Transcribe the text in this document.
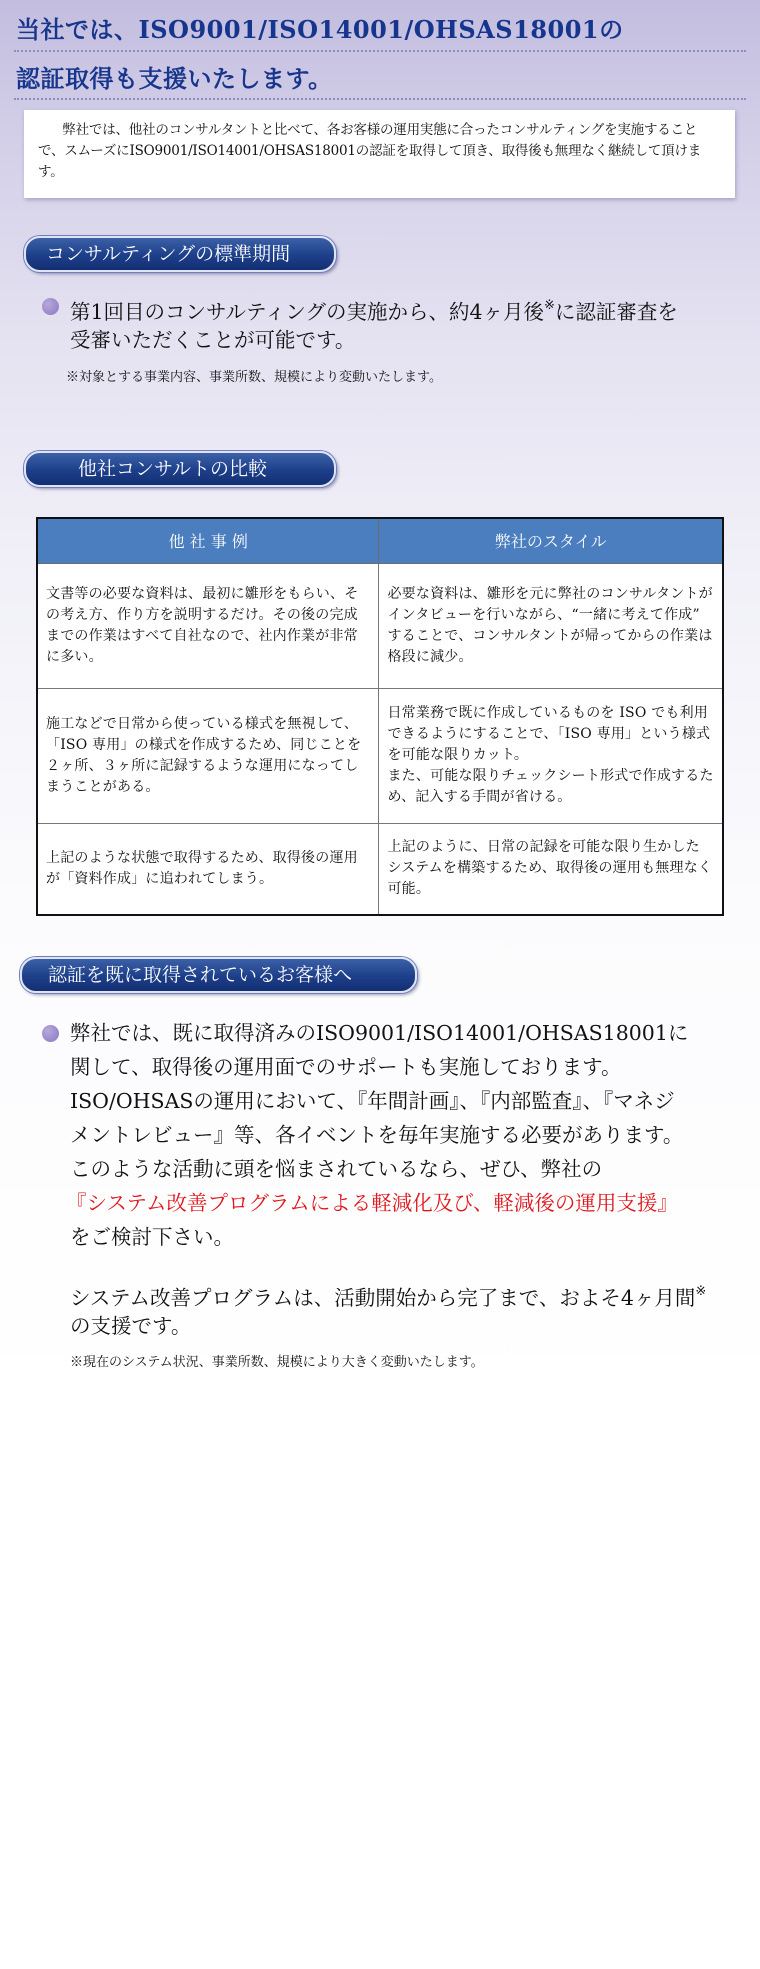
当社では、ISO9001/ISO14001/OHSAS18001の
認証取得も支援いたします。
弊社では、他社のコンサルタントと比べて、各お客様の運用実態に合ったコンサルティングを実施することで、スムーズにISO9001/ISO14001/OHSAS18001の認証を取得して頂き、取得後も無理なく継続して頂けます。
コンサルティングの標準期間
第1回目のコンサルティングの実施から、約4ヶ月後※に認証審査を
受審いただくことが可能です。
※対象とする事業内容、事業所数、規模により変動いたします。
他社コンサルトの比較
他 社 事 例	弊社のスタイル
文書等の必要な資料は、最初に雛形をもらい、その考え方、作り方を説明するだけ。その後の完成までの作業はすべて自社なので、社内作業が非常に多い。	必要な資料は、雛形を元に弊社のコンサルタントがインタビューを行いながら、“一緒に考えて作成” することで、コンサルタントが帰ってからの作業は格段に減少。
施工などで日常から使っている様式を無視して、「ISO 専用」の様式を作成するため、同じことを２ヶ所、３ヶ所に記録するような運用になってしまうことがある。	日常業務で既に作成しているものを ISO でも利用できるようにすることで、「ISO 専用」という様式を可能な限りカット。
また、可能な限りチェックシート形式で作成するため、記入する手間が省ける。
上記のような状態で取得するため、取得後の運用が「資料作成」に追われてしまう。	上記のように、日常の記録を可能な限り生かしたシステムを構築するため、取得後の運用も無理なく可能。
認証を既に取得されているお客様へ
弊社では、既に取得済みのISO9001/ISO14001/OHSAS18001に
関して、取得後の運用面でのサポートも実施しております。
ISO/OHSASの運用において、『年間計画』、『内部監査』、『マネジ
メントレビュー』等、各イベントを毎年実施する必要があります。
このような活動に頭を悩まされているなら、ぜひ、弊社の
『システム改善プログラムによる軽減化及び、軽減後の運用支援』
をご検討下さい。
システム改善プログラムは、活動開始から完了まで、およそ4ヶ月間※
の支援です。
※現在のシステム状況、事業所数、規模により大きく変動いたします。
